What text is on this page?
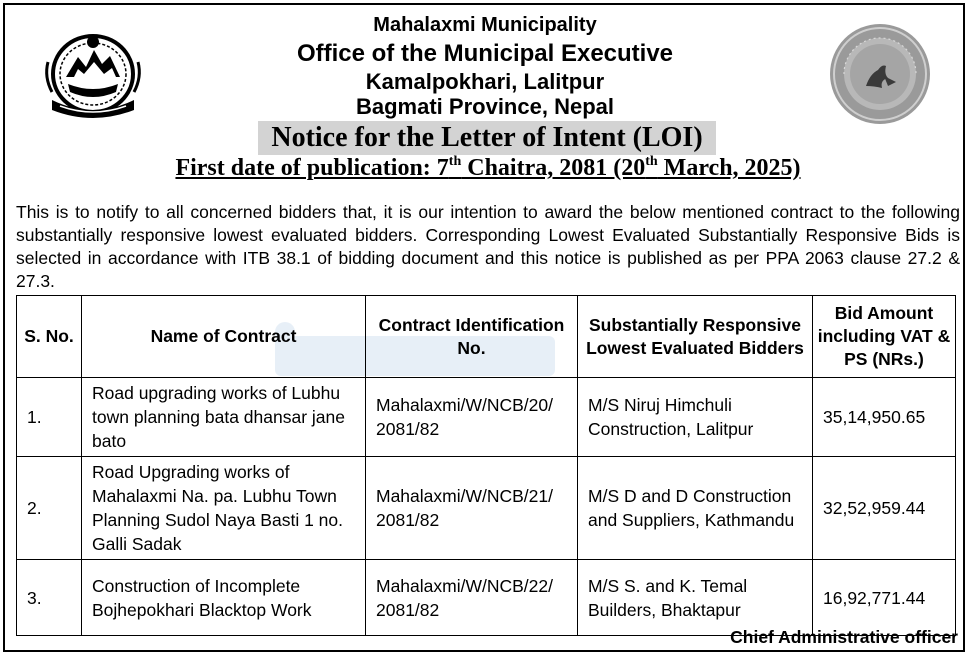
Mahalaxmi Municipality
Office of the Municipal Executive
Kamalpokhari, Lalitpur
Bagmati Province, Nepal
Notice for the Letter of Intent (LOI)
First date of publication: 7th Chaitra, 2081 (20th March, 2025)
This is to notify to all concerned bidders that, it is our intention to award the below mentioned contract to the following substantially responsive lowest evaluated bidders. Corresponding Lowest Evaluated Substantially Responsive Bids is selected in accordance with ITB 38.1 of bidding document and this notice is published as per PPA 2063 clause 27.2 & 27.3.
S. No.	Name of Contract	Contract Identification No.	Substantially Responsive Lowest Evaluated Bidders	Bid Amount including VAT & PS (NRs.)
1.	Road upgrading works of Lubhu town planning bata dhansar jane bato	Mahalaxmi/W/NCB/20/ 2081/82	M/S Niruj Himchuli Construction, Lalitpur	35,14,950.65
2.	Road Upgrading works of Mahalaxmi Na. pa. Lubhu Town Planning Sudol Naya Basti 1 no. Galli Sadak	Mahalaxmi/W/NCB/21/ 2081/82	M/S D and D Construction and Suppliers, Kathmandu	32,52,959.44
3.	Construction of Incomplete Bojhepokhari Blacktop Work	Mahalaxmi/W/NCB/22/ 2081/82	M/S S. and K. Temal Builders, Bhaktapur	16,92,771.44
Chief Administrative officer
